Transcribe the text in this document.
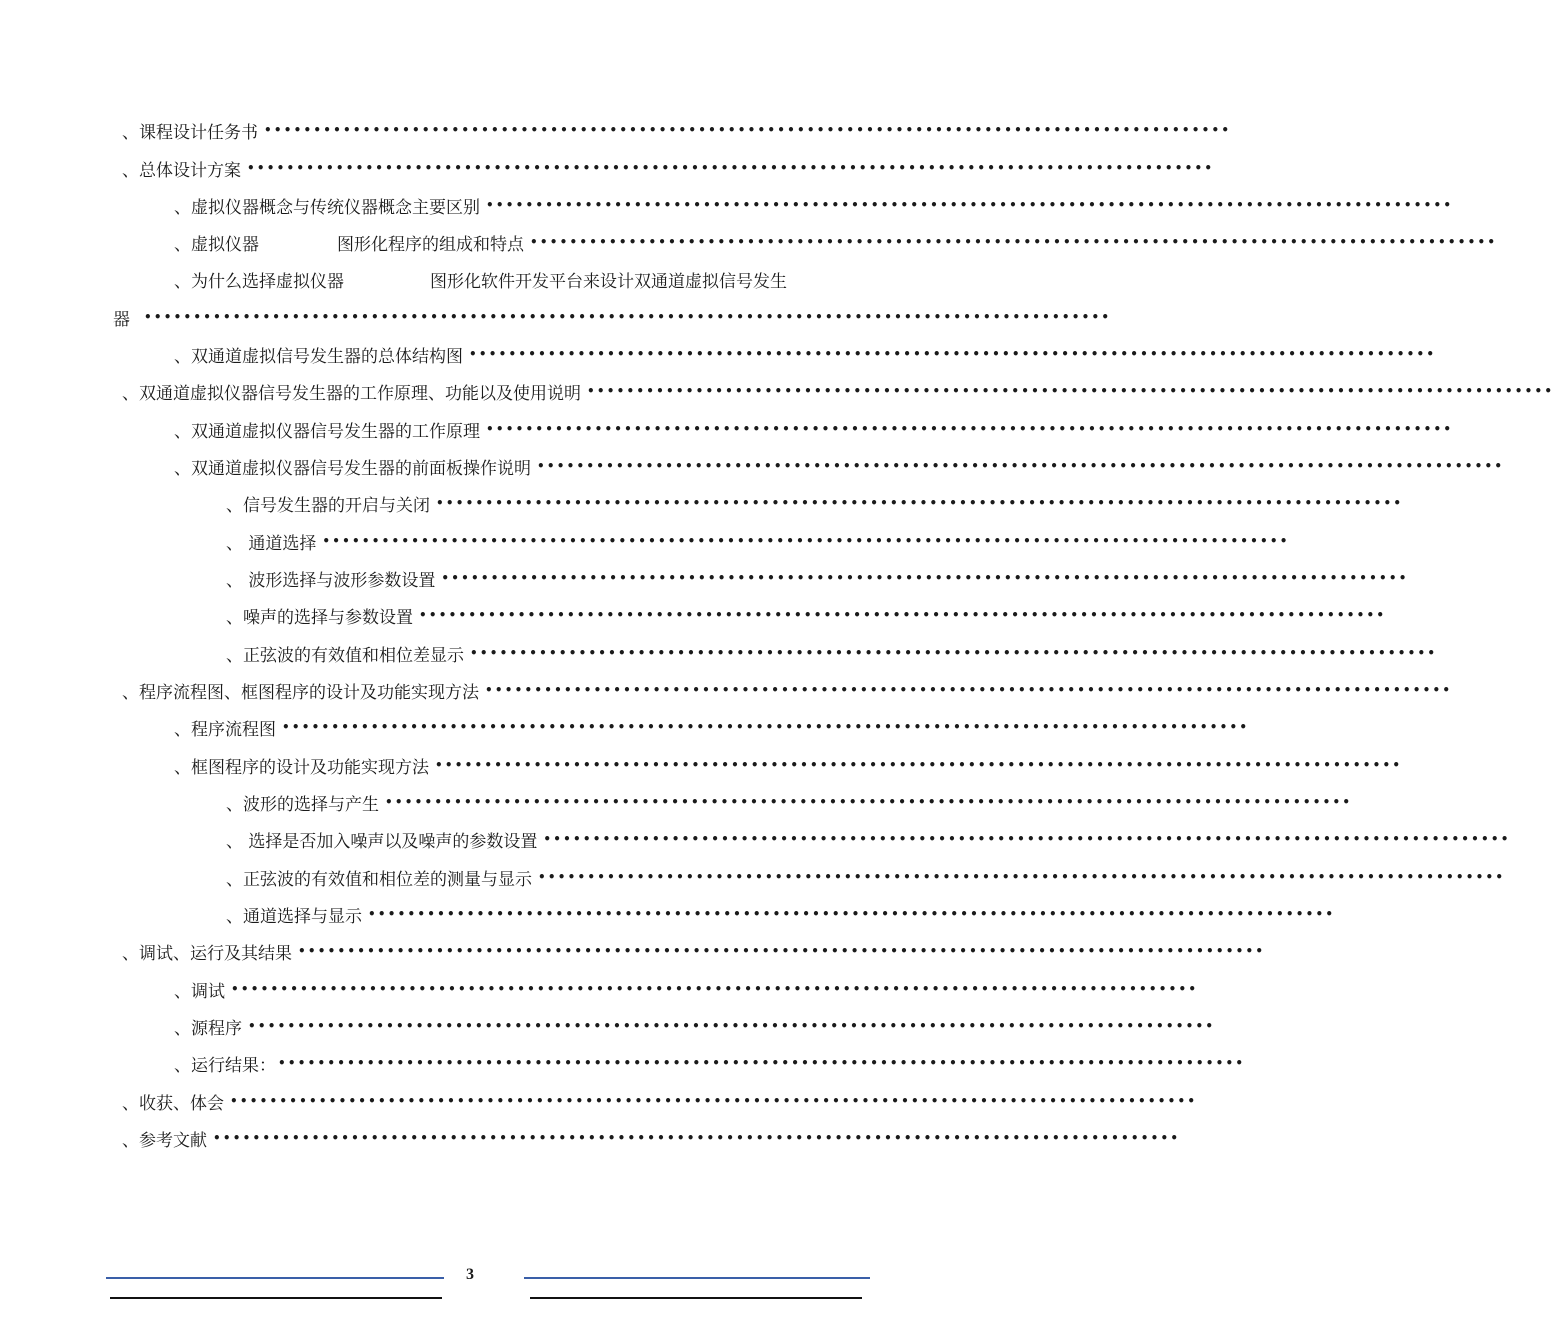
、课程设计任务书 ••••••••••••••••••••••••••••••••••••••••••••••••••••••••••••••••••••••••••••••••••••••••••••••••••
、总体设计方案 ••••••••••••••••••••••••••••••••••••••••••••••••••••••••••••••••••••••••••••••••••••••••••••••••••
、虚拟仪器概念与传统仪器概念主要区别 ••••••••••••••••••••••••••••••••••••••••••••••••••••••••••••••••••••••••••••••••••••••••••••••••••
、虚拟仪器	图形化程序的组成和特点 ••••••••••••••••••••••••••••••••••••••••••••••••••••••••••••••••••••••••••••••••••••••••••••••••••
、为什么选择虚拟仪器	图形化软件开发平台来设计双通道虚拟信号发生
器 ••••••••••••••••••••••••••••••••••••••••••••••••••••••••••••••••••••••••••••••••••••••••••••••••••
、双通道虚拟信号发生器的总体结构图 ••••••••••••••••••••••••••••••••••••••••••••••••••••••••••••••••••••••••••••••••••••••••••••••••••
、双通道虚拟仪器信号发生器的工作原理、功能以及使用说明 ••••••••••••••••••••••••••••••••••••••••••••••••••••••••••••••••••••••••••••••••••••••••••••••••••
、双通道虚拟仪器信号发生器的工作原理 ••••••••••••••••••••••••••••••••••••••••••••••••••••••••••••••••••••••••••••••••••••••••••••••••••
、双通道虚拟仪器信号发生器的前面板操作说明 ••••••••••••••••••••••••••••••••••••••••••••••••••••••••••••••••••••••••••••••••••••••••••••••••••
、信号发生器的开启与关闭 ••••••••••••••••••••••••••••••••••••••••••••••••••••••••••••••••••••••••••••••••••••••••••••••••••
、 通道选择 ••••••••••••••••••••••••••••••••••••••••••••••••••••••••••••••••••••••••••••••••••••••••••••••••••
、 波形选择与波形参数设置 ••••••••••••••••••••••••••••••••••••••••••••••••••••••••••••••••••••••••••••••••••••••••••••••••••
、噪声的选择与参数设置 ••••••••••••••••••••••••••••••••••••••••••••••••••••••••••••••••••••••••••••••••••••••••••••••••••
、正弦波的有效值和相位差显示 ••••••••••••••••••••••••••••••••••••••••••••••••••••••••••••••••••••••••••••••••••••••••••••••••••
、程序流程图、框图程序的设计及功能实现方法 ••••••••••••••••••••••••••••••••••••••••••••••••••••••••••••••••••••••••••••••••••••••••••••••••••
、程序流程图 ••••••••••••••••••••••••••••••••••••••••••••••••••••••••••••••••••••••••••••••••••••••••••••••••••
、框图程序的设计及功能实现方法 ••••••••••••••••••••••••••••••••••••••••••••••••••••••••••••••••••••••••••••••••••••••••••••••••••
、波形的选择与产生 ••••••••••••••••••••••••••••••••••••••••••••••••••••••••••••••••••••••••••••••••••••••••••••••••••
、 选择是否加入噪声以及噪声的参数设置 ••••••••••••••••••••••••••••••••••••••••••••••••••••••••••••••••••••••••••••••••••••••••••••••••••
、正弦波的有效值和相位差的测量与显示 ••••••••••••••••••••••••••••••••••••••••••••••••••••••••••••••••••••••••••••••••••••••••••••••••••
、通道选择与显示 ••••••••••••••••••••••••••••••••••••••••••••••••••••••••••••••••••••••••••••••••••••••••••••••••••
、调试、运行及其结果 ••••••••••••••••••••••••••••••••••••••••••••••••••••••••••••••••••••••••••••••••••••••••••••••••••
、调试 ••••••••••••••••••••••••••••••••••••••••••••••••••••••••••••••••••••••••••••••••••••••••••••••••••
、源程序 ••••••••••••••••••••••••••••••••••••••••••••••••••••••••••••••••••••••••••••••••••••••••••••••••••
、运行结果： ••••••••••••••••••••••••••••••••••••••••••••••••••••••••••••••••••••••••••••••••••••••••••••••••••
、收获、体会 ••••••••••••••••••••••••••••••••••••••••••••••••••••••••••••••••••••••••••••••••••••••••••••••••••
、参考文献 ••••••••••••••••••••••••••••••••••••••••••••••••••••••••••••••••••••••••••••••••••••••••••••••••••
3
